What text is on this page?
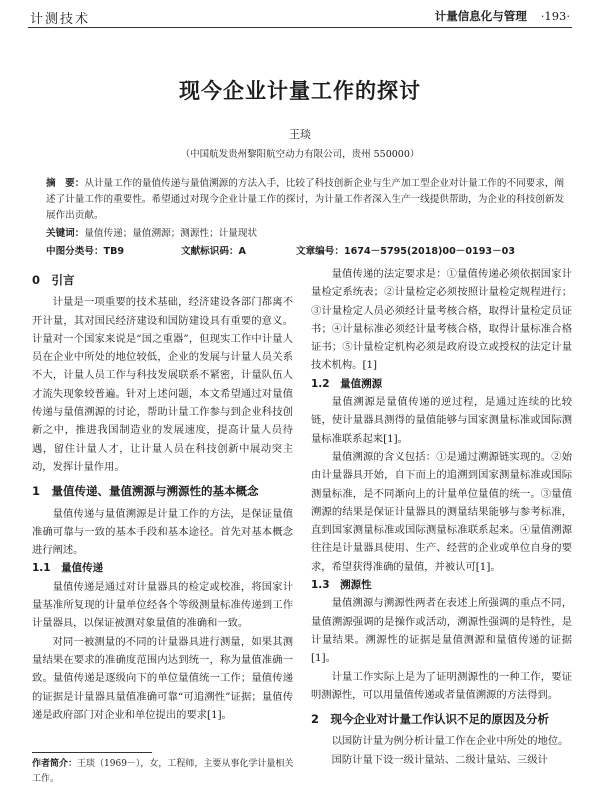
计测技术	计量信息化与管理 ·193·
现今企业计量工作的探讨
王琰
（中国航发贵州黎阳航空动力有限公司，贵州 550000）
摘　要：从计量工作的量值传递与量值溯源的方法入手，比较了科技创新企业与生产加工型企业对计量工作的不同要求，阐述了计量工作的重要性。希望通过对现今企业计量工作的探讨，为计量工作者深入生产一线提供帮助，为企业的科技创新发展作出贡献。
关键词：量值传递；量值溯源；测源性；计量现状
中图分类号：TB9	文献标识码：A	文章编号：1674－5795(2018)00－0193－03
0　引言

计量是一项重要的技术基础，经济建设各部门都离不开计量，其对国民经济建设和国防建设具有重要的意义。计量对一个国家来说是“国之重器”，但现实工作中计量人员在企业中所处的地位较低，企业的发展与计量人员关系不大，计量人员工作与科技发展联系不紧密，计量队伍人才流失现象较普遍。针对上述问题，本文希望通过对量值传递与量值溯源的讨论，帮助计量工作参与到企业科技创新之中，推进我国制造业的发展速度，提高计量人员待遇，留住计量人才，让计量人员在科技创新中展动突主动，发挥计量作用。

1　量值传递、量值溯源与溯源性的基本概念

量值传递与量值溯源是计量工作的方法，是保证量值准确可靠与一致的基本手段和基本途径。首先对基本概念进行阐述。

1.1　量值传递

量值传递是通过对计量器具的检定或校准，将国家计量基准所复现的计量单位经各个等级测量标准传递到工作计量器具，以保证被测对象量值的准确和一致。

对同一被测量的不同的计量器具进行测量，如果其测量结果在要求的准确度范围内达到统一，称为量值准确一致。量值传递是逐级向下的单位量值统一工作；量值传递的证据是计量器具量值准确可靠“可追溯性”证据；量值传递是政府部门对企业和单位提出的要求[1]。

量值传递的法定要求是：①量值传递必须依据国家计量检定系统表；②计量检定必须按照计量检定规程进行；③计量检定人员必须经计量考核合格，取得计量检定员证书；④计量标准必须经计量考核合格，取得计量标准合格证书；⑤计量检定机构必须是政府设立或授权的法定计量技术机构。[1]

1.2　量值溯源

量值溯源是量值传递的逆过程，是通过连续的比较链，使计量器具测得的量值能够与国家测量标准或国际测量标准联系起来[1]。

量值溯源的含义包括：①是通过溯源链实现的。②始由计量器具开始，自下而上的追溯到国家测量标准或国际测量标准，是不同渐向上的计量单位量值的统一。③量值溯源的结果是保证计量器具的测量结果能够与参考标准，直到国家测量标准或国际测量标准联系起来。④量值溯源往往是计量器具使用、生产、经营的企业或单位自身的要求，希望获得准确的量值，并被认可[1]。

1.3　溯源性

量值溯源与溯源性两者在表述上所强调的重点不同，量值溯源强调的是操作或活动，溯源性强调的是特性，是计量结果。溯源性的证据是量值测源和量值传递的证据[1]。

计量工作实际上是为了证明测源性的一种工作，要证明测源性，可以用量值传递或者量值溯源的方法得到。

2　现今企业对计量工作认识不足的原因及分析

以国防计量为例分析计量工作在企业中所处的地位。

国防计量下设一级计量站、二级计量站、三级计

作者简介：王琰（1969－），女，工程师，主要从事化学计量相关工作。
